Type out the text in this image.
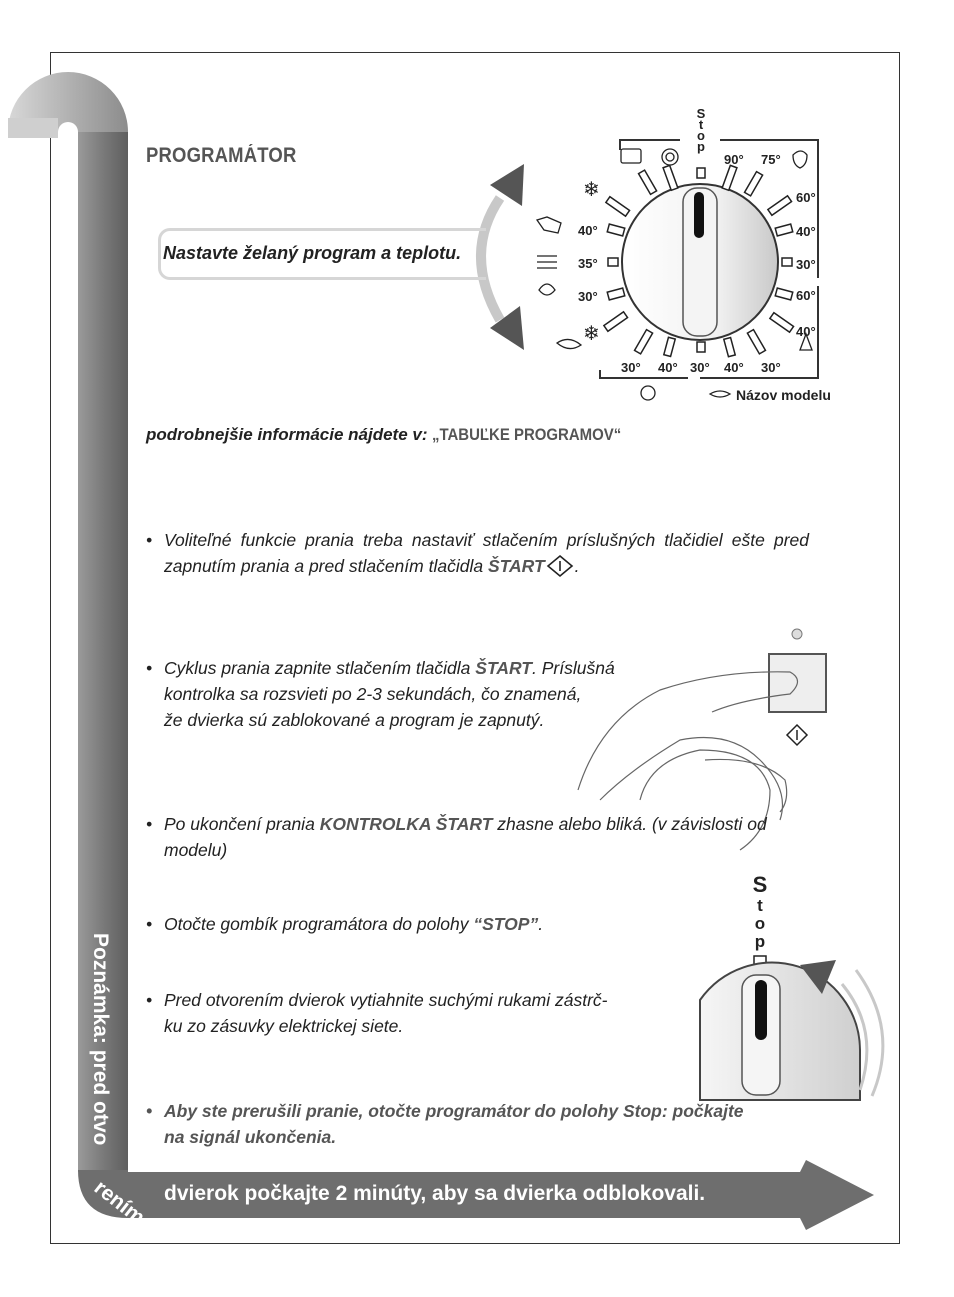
❄
❄
PROGRAMÁTOR
Nastavte želaný program a teplotu.
S
t
o
p
90° 75°
60°
40°
30°
60°
40°
40°
35°
30°
30° 40° 30° 40° 30°
Názov modelu
podrobnejšie informácie nájdete v: „TABUĽKE PROGRAMOV“
• Voliteľné funkcie prania treba nastaviť stlačením príslušných tlačidiel ešte pred zapnutím prania a pred stlačením tlačidla ŠTART .
• Cyklus prania zapnite stlačením tlačidla ŠTART. Príslušná
kontrolka sa rozsvieti po 2-3 sekundách, čo znamená,
že dvierka sú zablokované a program je zapnutý.
• Po ukončení prania KONTROLKA ŠTART zhasne alebo bliká. (v závislosti od modelu)
• Otočte gombík programátora do polohy “STOP”.
• Pred otvorením dvierok vytiahnite suchými rukami zástrč-
ku zo zásuvky elektrickej siete.
• Aby ste prerušili pranie, otočte programátor do polohy Stop: počkajte
na signál ukončenia.
S
t
o
p
Poznámka: pred otvo
rením dvierok počkajte 2 minúty, aby sa dvierka odblokovali.
